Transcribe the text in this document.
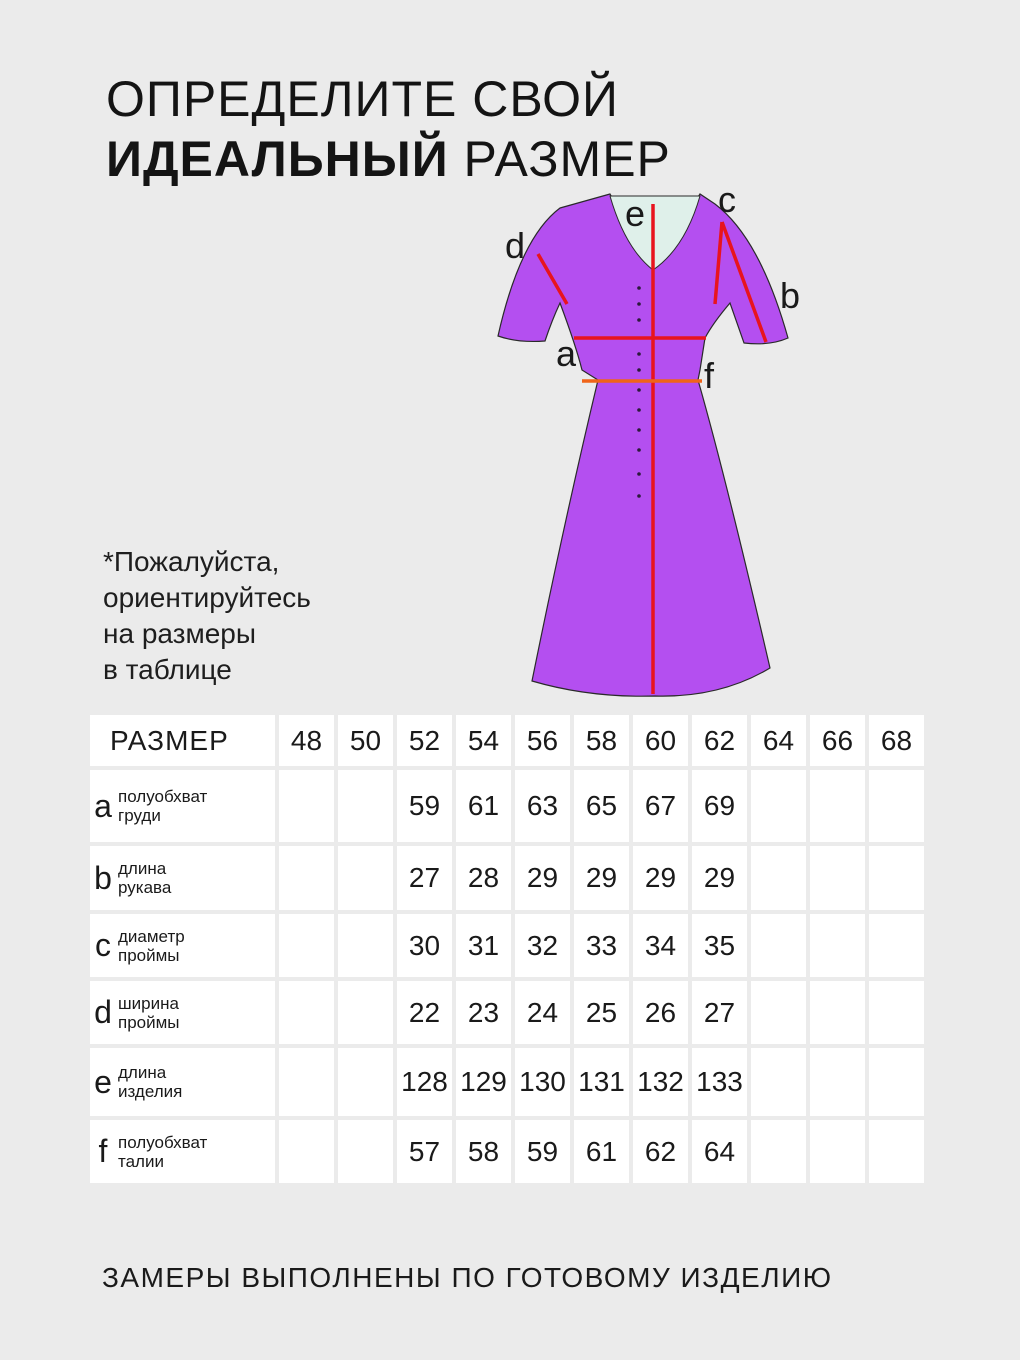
ОПРЕДЕЛИТЕ СВОЙ
ИДЕАЛЬНЫЙ РАЗМЕР
*Пожалуйста,
ориентируйтесь
на размеры
в таблице
e c
d
b
a
f
РАЗМЕР	48	50	52	54	56	58	60	62	64	66	68
a полуобхват
груди			59	61	63	65	67	69			
b длина
рукава			27	28	29	29	29	29			
c диаметр
проймы			30	31	32	33	34	35			
d ширина
проймы			22	23	24	25	26	27			
e длина
изделия			128	129	130	131	132	133			
f полуобхват
талии			57	58	59	61	62	64			
ЗАМЕРЫ ВЫПОЛНЕНЫ ПО ГОТОВОМУ ИЗДЕЛИЮ
